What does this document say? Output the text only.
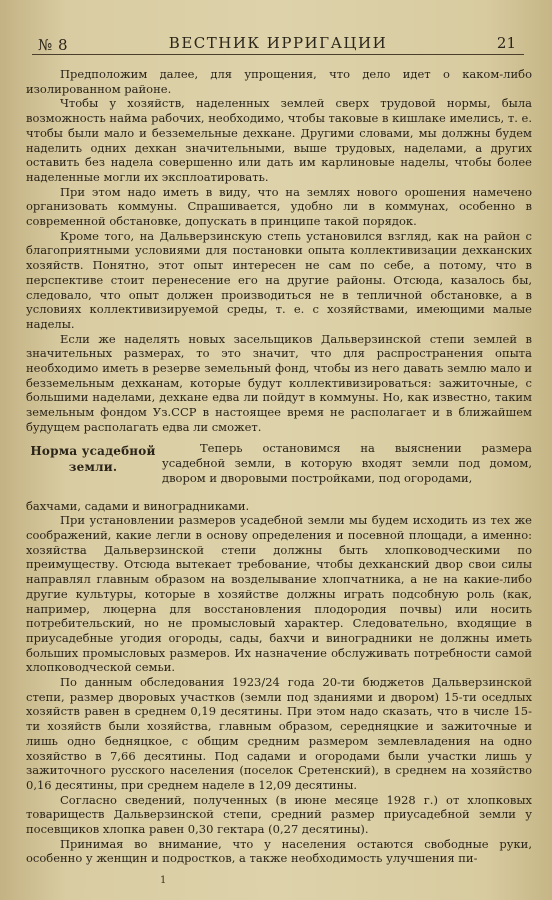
№ 8	ВЕСТНИК ИРРИГАЦИИ	21

Предположим далее, для упрощения, что дело идет о каком-либо изолированном районе.

Чтобы у хозяйств, наделенных землей сверх трудовой нормы, была возможность найма рабочих, необходимо, чтобы таковые в кишлаке имелись, т. е. чтобы были мало и безземельные дехкане. Другими словами, мы должны будем наделить одних дехкан значительными, выше трудовых, наделами, а других оставить без надела совершенно или дать им карлиновые наделы, чтобы более наделенные могли их эксплоатировать.

При этом надо иметь в виду, что на землях нового орошения намечено организовать коммуны. Спрашивается, удобно ли в коммунах, особенно в современной обстановке, допускать в принципе такой порядок.

Кроме того, на Дальверзинскую степь установился взгляд, как на район с благоприятными условиями для постановки опыта коллективизации дехканских хозяйств. Понятно, этот опыт интересен не сам по себе, а потому, что в перспективе стоит перенесение его на другие районы. Отсюда, казалось бы, следовало, что опыт должен производиться не в тепличной обстановке, а в условиях коллективизируемой среды, т. е. с хозяйствами, имеющими малые наделы.

Если же наделять новых засельщиков Дальверзинской степи землей в значительных размерах, то это значит, что для распространения опыта необходимо иметь в резерве земельный фонд, чтобы из него давать землю мало и безземельным дехканам, которые будут коллективизироваться: зажиточные, с большими наделами, дехкане едва ли пойдут в коммуны. Но, как известно, таким земельным фондом Уз.ССР в настоящее время не располагает и в ближайшем будущем располагать едва ли сможет.

Норма усадебной земли.

Теперь остановимся на выяснении размера усадебной земли, в которую входят земли под домом, двором и дворовыми постройками, под огородами,

бахчами, садами и виноградниками.

При установлении размеров усадебной земли мы будем исходить из тех же соображений, какие легли в основу определения и посевной площади, а именно: хозяйства Дальверзинской степи должны быть хлопководческими по преимуществу. Отсюда вытекает требование, чтобы дехканский двор свои силы направлял главным образом на возделывание хлопчатника, а не на какие-либо другие культуры, которые в хозяйстве должны играть подсобную роль (как, например, люцерна для восстановления плодородия почвы) или носить потребительский, но не промысловый характер. Следовательно, входящие в приусадебные угодия огороды, сады, бахчи и виноградники не должны иметь больших промысловых размеров. Их назначение обслуживать потребности самой хлопководческой семьи.

По данным обследования 1923/24 года 20-ти бюджетов Дальверзинской степи, размер дворовых участков (земли под зданиями и двором) 15-ти оседлых хозяйств равен в среднем 0,19 десятины. При этом надо сказать, что в числе 15-ти хозяйств были хозяйства, главным образом, середняцкие и зажиточные и лишь одно бедняцкое, с общим средним размером землевладения на одно хозяйство в 7,66 десятины. Под садами и огородами были участки лишь у зажиточного русского населения (поселок Сретенский), в среднем на хозяйство 0,16 десятины, при среднем наделе в 12,09 десятины.

Согласно сведений, полученных (в июне месяце 1928 г.) от хлопковых товариществ Дальверзинской степи, средний размер приусадебной земли у посевщиков хлопка равен 0,30 гектара (0,27 десятины).

Принимая во внимание, что у населения остаются свободные руки, особенно у женщин и подростков, а также необходимость улучшения пи-

1
